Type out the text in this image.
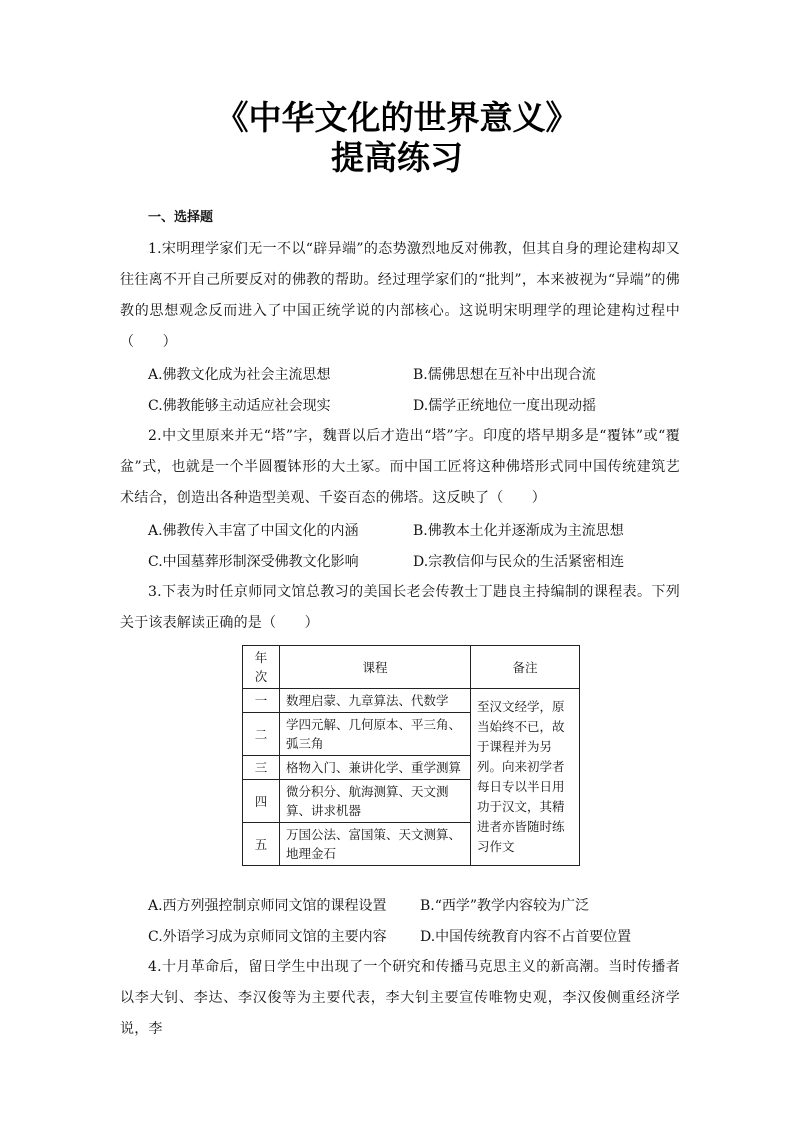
《中华文化的世界意义》
提高练习
一、选择题
1.宋明理学家们无一不以“辟异端”的态势激烈地反对佛教，但其自身的理论建构却又往往离不开自己所要反对的佛教的帮助。经过理学家们的“批判”，本来被视为“异端”的佛教的思想观念反而进入了中国正统学说的内部核心。这说明宋明理学的理论建构过程中（　　）
A.佛教文化成为社会主流思想	B.儒佛思想在互补中出现合流
C.佛教能够主动适应社会现实	D.儒学正统地位一度出现动摇
2.中文里原来并无“塔”字，魏晋以后才造出“塔”字。印度的塔早期多是“覆钵”或“覆盆”式，也就是一个半圆覆钵形的大土冢。而中国工匠将这种佛塔形式同中国传统建筑艺术结合，创造出各种造型美观、千姿百态的佛塔。这反映了（　　）
A.佛教传入丰富了中国文化的内涵	B.佛教本土化并逐渐成为主流思想
C.中国墓葬形制深受佛教文化影响	D.宗教信仰与民众的生活紧密相连
3.下表为时任京师同文馆总教习的美国长老会传教士丁韪良主持编制的课程表。下列关于该表解读正确的是（　　）
年次	课程	备注
一	数理启蒙、九章算法、代数学	至汉文经学，原当始终不已，故于课程并为另列。向来初学者每日专以半日用功于汉文，其精进者亦皆随时练习作文
二	学四元解、几何原本、平三角、弧三角	
三	格物入门、兼讲化学、重学测算	
四	微分积分、航海测算、天文测算、讲求机器	
五	万国公法、富国策、天文测算、地理金石	
A.西方列强控制京师同文馆的课程设置 B.“西学”教学内容较为广泛
C.外语学习成为京师同文馆的主要内容 D.中国传统教育内容不占首要位置
4.十月革命后，留日学生中出现了一个研究和传播马克思主义的新高潮。当时传播者以李大钊、李达、李汉俊等为主要代表，李大钊主要宣传唯物史观，李汉俊侧重经济学说，李
